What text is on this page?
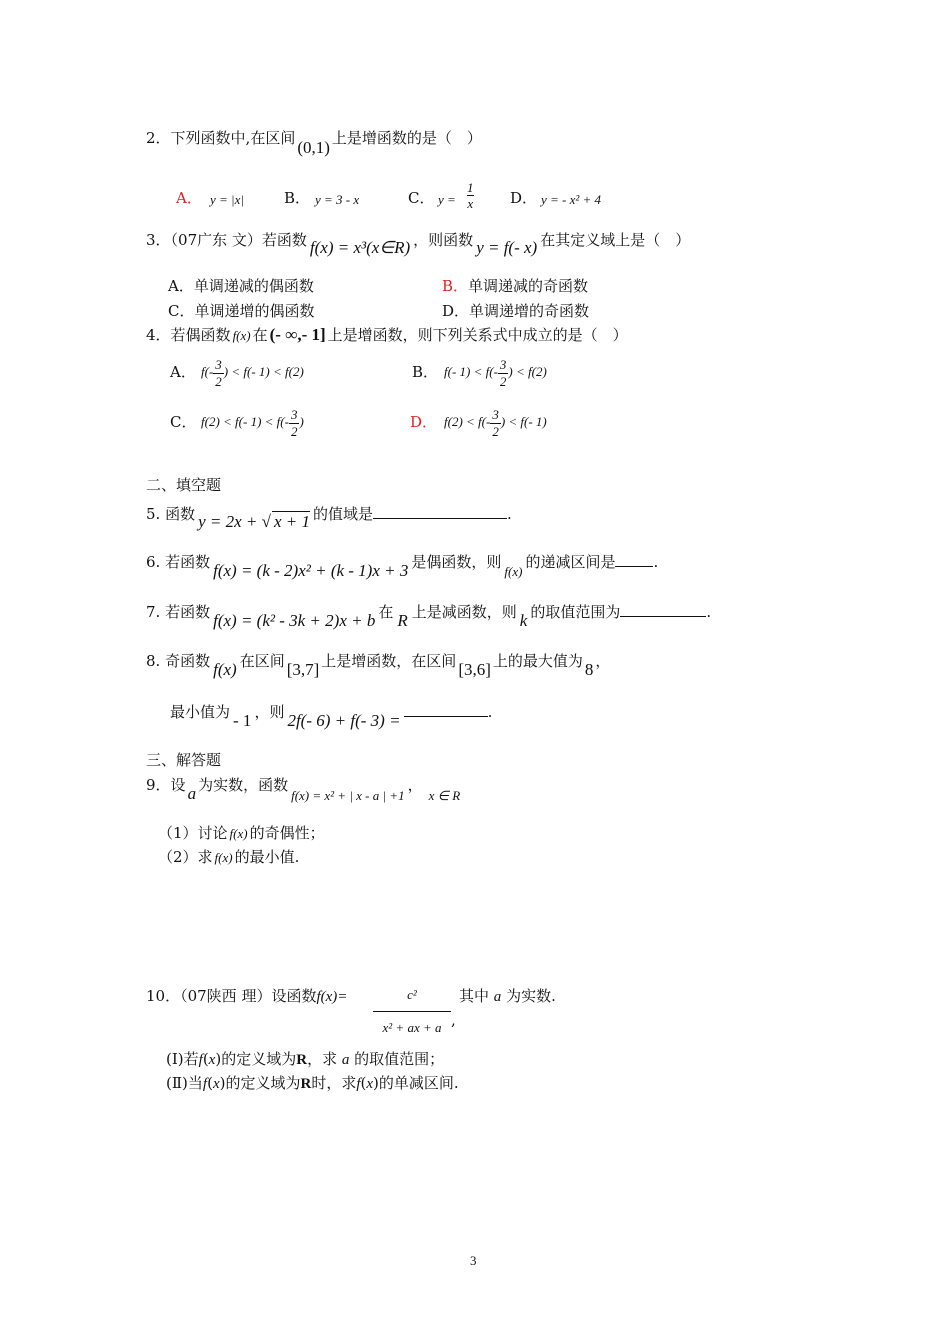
2．下列函数中,在区间 (0,1) 上是增函数的是（　）
A． y = |x|	B． y = 3 - x	C． y =
1
x D． y = - x² + 4
3．（07广东 文）若函数 f(x) = x³(x∈R) ，则函数 y = f(- x) 在其定义域上是（　）
A．单调递减的偶函数	B．单调递减的奇函数
C．单调递增的偶函数	D．单调递增的奇函数
4．若偶函数 f(x) 在 (- ∞,- 1] 上是增函数，则下列关系式中成立的是（　）
A． $f(- \frac{3}{2}$ ) < f(- 1) < f(2)	B． f(- $1) < f(- \frac{3}{2}$ ) < f(2)
C． f(2) < f(- $1) < f(- \frac{3}{2}$ )	D． $f(2) < f(- \frac{3}{2}$ ) < f(- 1)
二、填空题
5. 函数 y = 2x + √ x + 1 的值域是	.
6. 若函数 f(x) = (k - 2)x² + (k - 1)x + 3 是偶函数，则f(x)的递减区间是	.
7. 若函数 f(x) = (k² - 3k + 2)x + b 在 R 上是减函数，则 k 的取值范围为	.
8. 奇函数 f(x) 在区间 [3,7] 上是增函数，在区间 [3,6] 上的最大值为 8 ，
最小值为 - 1 ，则 2f(- 6) + f(- 3) =	.
三、解答题
9．设 a 为实数，函数f(x) = x² + | x - a | +1，x ∈ R
（1）讨论 f(x) 的奇偶性；
（2）求 f(x) 的最小值.
10．（07陕西 理）设函数f(x)=	c²
x² + ax + a ,
其中 a 为实数.
(Ⅰ)若f(x)的定义域为R，求 a 的取值范围；
(Ⅱ)当f(x)的定义域为R时，求f(x)的单减区间.
3
